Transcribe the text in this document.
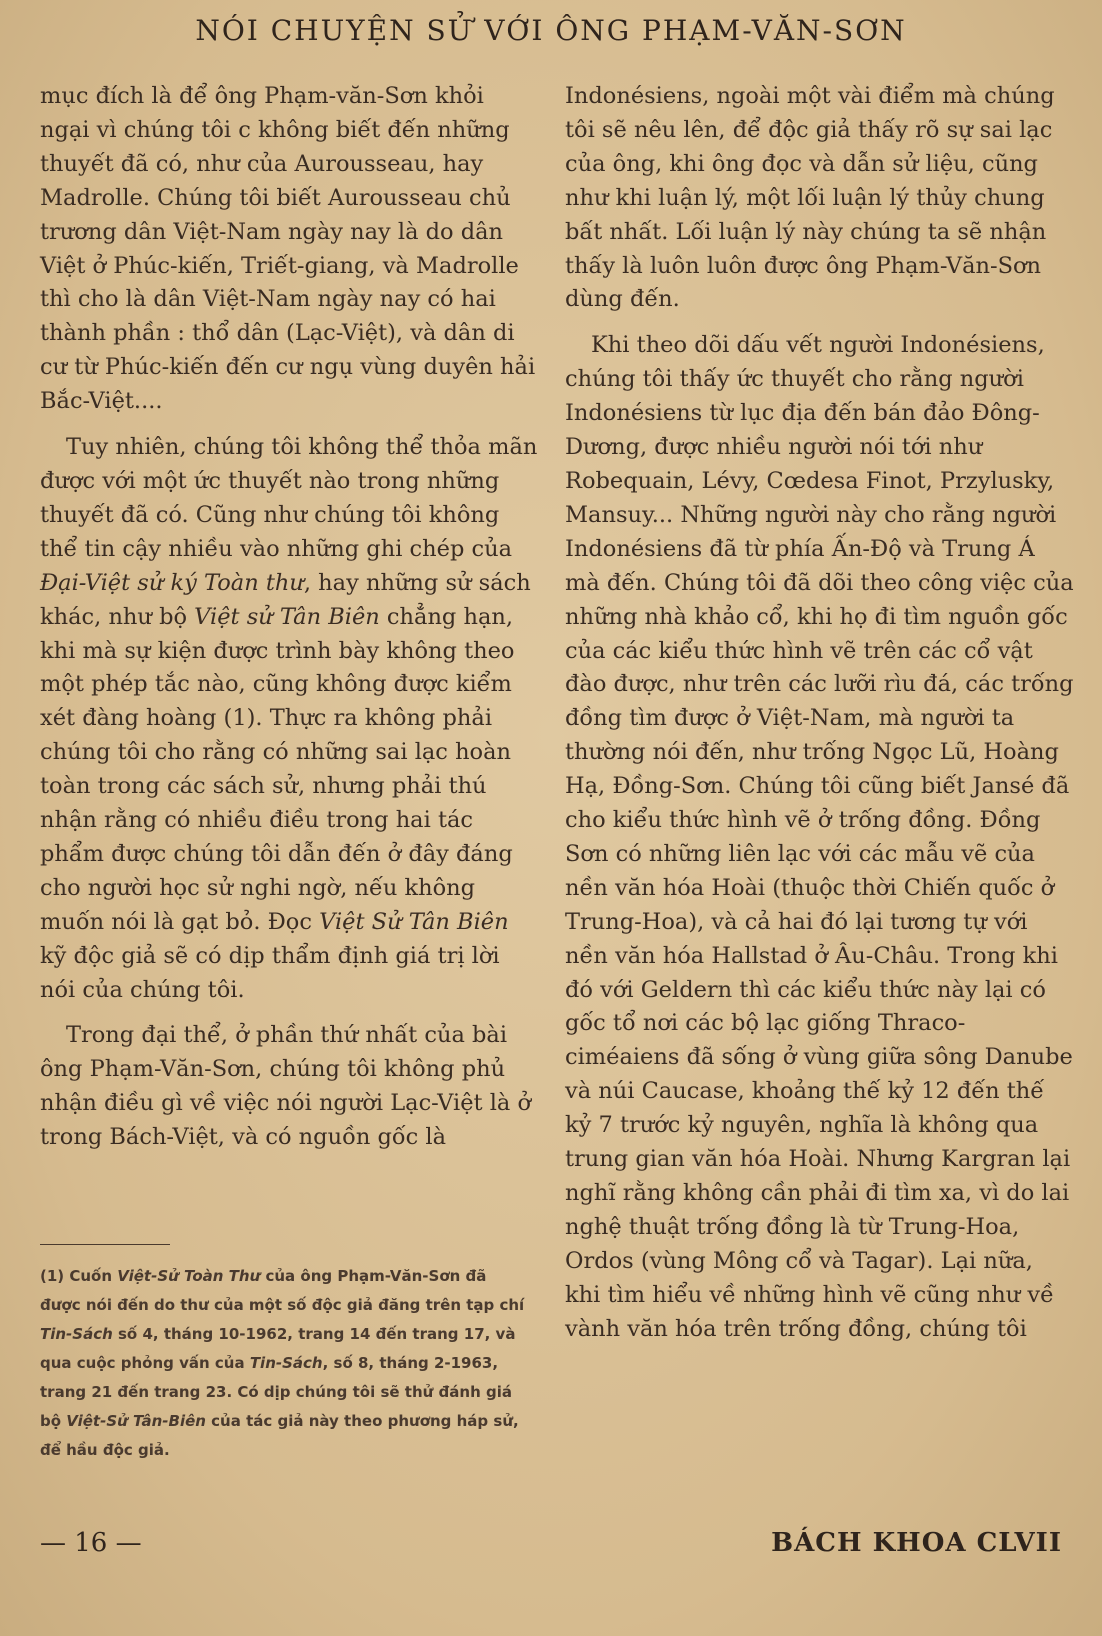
NÓI CHUYỆN SỬ VỚI ÔNG PHẠM-VĂN-SƠN

mục đích là để ông Phạm-văn-Sơn khỏi ngại vì chúng tôi c không biết đến những thuyết đã có, như của Aurousseau, hay Madrolle. Chúng tôi biết Aurousseau chủ trương dân Việt-Nam ngày nay là do dân Việt ở Phúc-kiến, Triết-giang, và Madrolle thì cho là dân Việt-Nam ngày nay có hai thành phần : thổ dân (Lạc-Việt), và dân di cư từ Phúc-kiến đến cư ngụ vùng duyên hải Bắc-Việt....

Tuy nhiên, chúng tôi không thể thỏa mãn được với một ức thuyết nào trong những thuyết đã có. Cũng như chúng tôi không thể tin cậy nhiều vào những ghi chép của Đại-Việt sử ký Toàn thư, hay những sử sách khác, như bộ Việt sử Tân Biên chẳng hạn, khi mà sự kiện được trình bày không theo một phép tắc nào, cũng không được kiểm xét đàng hoàng (1). Thực ra không phải chúng tôi cho rằng có những sai lạc hoàn toàn trong các sách sử, nhưng phải thú nhận rằng có nhiều điều trong hai tác phẩm được chúng tôi dẫn đến ở đây đáng cho người học sử nghi ngờ, nếu không muốn nói là gạt bỏ. Đọc Việt Sử Tân Biên kỹ độc giả sẽ có dịp thẩm định giá trị lời nói của chúng tôi.

Trong đại thể, ở phần thứ nhất của bài ông Phạm-Văn-Sơn, chúng tôi không phủ nhận điều gì về việc nói người Lạc-Việt là ở trong Bách-Việt, và có nguồn gốc là

Indonésiens, ngoài một vài điểm mà chúng tôi sẽ nêu lên, để độc giả thấy rõ sự sai lạc của ông, khi ông đọc và dẫn sử liệu, cũng như khi luận lý, một lối luận lý thủy chung bất nhất. Lối luận lý này chúng ta sẽ nhận thấy là luôn luôn được ông Phạm-Văn-Sơn dùng đến.

Khi theo dõi dấu vết người Indonésiens, chúng tôi thấy ức thuyết cho rằng người Indonésiens từ lục địa đến bán đảo Đông-Dương, được nhiều người nói tới như Robequain, Lévy, Cœdesa Finot, Przylusky, Mansuy... Những người này cho rằng người Indonésiens đã từ phía Ấn-Độ và Trung Á mà đến. Chúng tôi đã dõi theo công việc của những nhà khảo cổ, khi họ đi tìm nguồn gốc của các kiểu thức hình vẽ trên các cổ vật đào được, như trên các lưỡi rìu đá, các trống đồng tìm được ở Việt-Nam, mà người ta thường nói đến, như trống Ngọc Lũ, Hoàng Hạ, Đồng-Sơn. Chúng tôi cũng biết Jansé đã cho kiểu thức hình vẽ ở trống đồng. Đồng Sơn có những liên lạc với các mẫu vẽ của nền văn hóa Hoài (thuộc thời Chiến quốc ở Trung-Hoa), và cả hai đó lại tương tự với nền văn hóa Hallstad ở Âu-Châu. Trong khi đó với Geldern thì các kiểu thức này lại có gốc tổ nơi các bộ lạc giống Thraco-ciméaiens đã sống ở vùng giữa sông Danube và núi Caucase, khoảng thế kỷ 12 đến thế kỷ 7 trước kỷ nguyên, nghĩa là không qua trung gian văn hóa Hoài. Nhưng Kargran lại nghĩ rằng không cần phải đi tìm xa, vì do lai nghệ thuật trống đồng là từ Trung-Hoa, Ordos (vùng Mông cổ và Tagar). Lại nữa, khi tìm hiểu về những hình vẽ cũng như về vành văn hóa trên trống đồng, chúng tôi

(1) Cuốn Việt-Sử Toàn Thư của ông Phạm-Văn-Sơn đã được nói đến do thư của một số độc giả đăng trên tạp chí Tin-Sách số 4, tháng 10-1962, trang 14 đến trang 17, và qua cuộc phỏng vấn của Tin-Sách, số 8, tháng 2-1963, trang 21 đến trang 23. Có dịp chúng tôi sẽ thử đánh giá bộ Việt-Sử Tân-Biên của tác giả này theo phương háp sử, để hầu độc giả.
— 16 —	BÁCH KHOA CLVII
